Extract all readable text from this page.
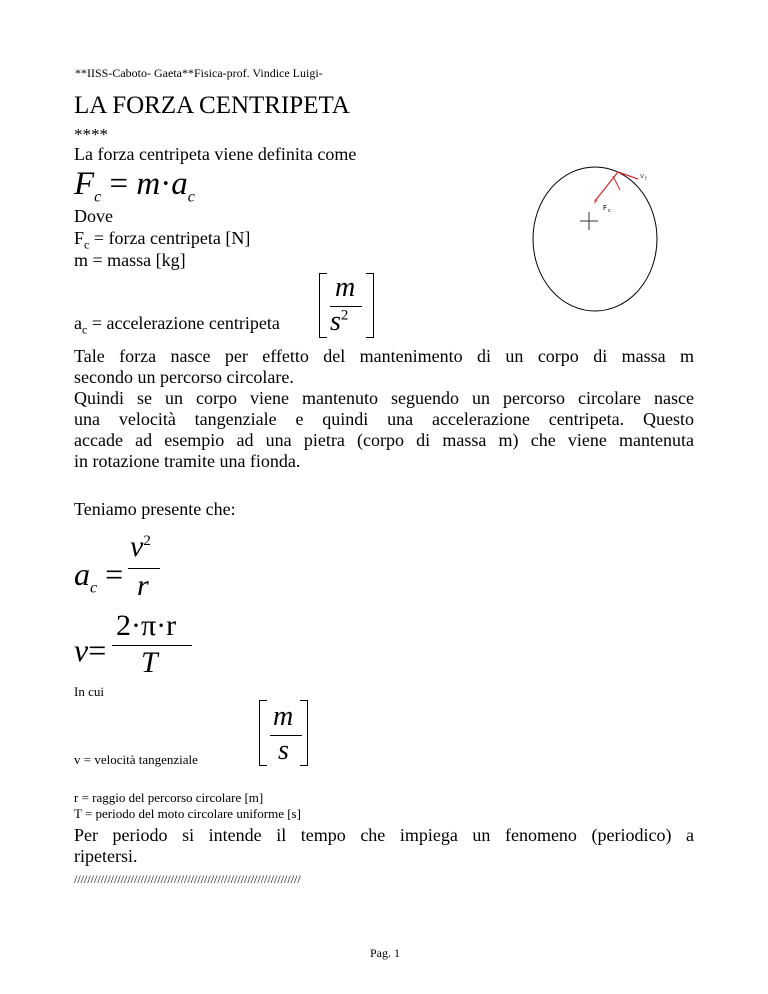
**IISS-Caboto- Gaeta**Fisica-prof. Vindice Luigi-
LA FORZA CENTRIPETA
****
La forza centripeta viene definita come
$F_c = m\cdot a_c$
Dove
$F_c$ = forza centripeta [N]
m = massa [kg]
$a_c$ = accelerazione centripeta
m
$s^2$
F c
v t
P
Tale forza nasce per effetto del mantenimento di un corpo di massa m
secondo un percorso circolare.
Quindi se un corpo viene mantenuto seguendo un percorso circolare nasce
una velocità tangenziale e quindi una accelerazione centripeta. Questo
accade ad esempio ad una pietra (corpo di massa m) che viene mantenuta
in rotazione tramite una fionda.
Teniamo presente che:
$a_c$ =
$v^2$
r
v=
2·π·r
T
In cui
v = velocità tangenziale
m
s
r = raggio del percorso circolare [m]
T = periodo del moto circolare uniforme [s]
Per periodo si intende il tempo che impiega un fenomeno (periodico) a
ripetersi.
////////////////////////////////////////////////////////////////////
Pag. 1
